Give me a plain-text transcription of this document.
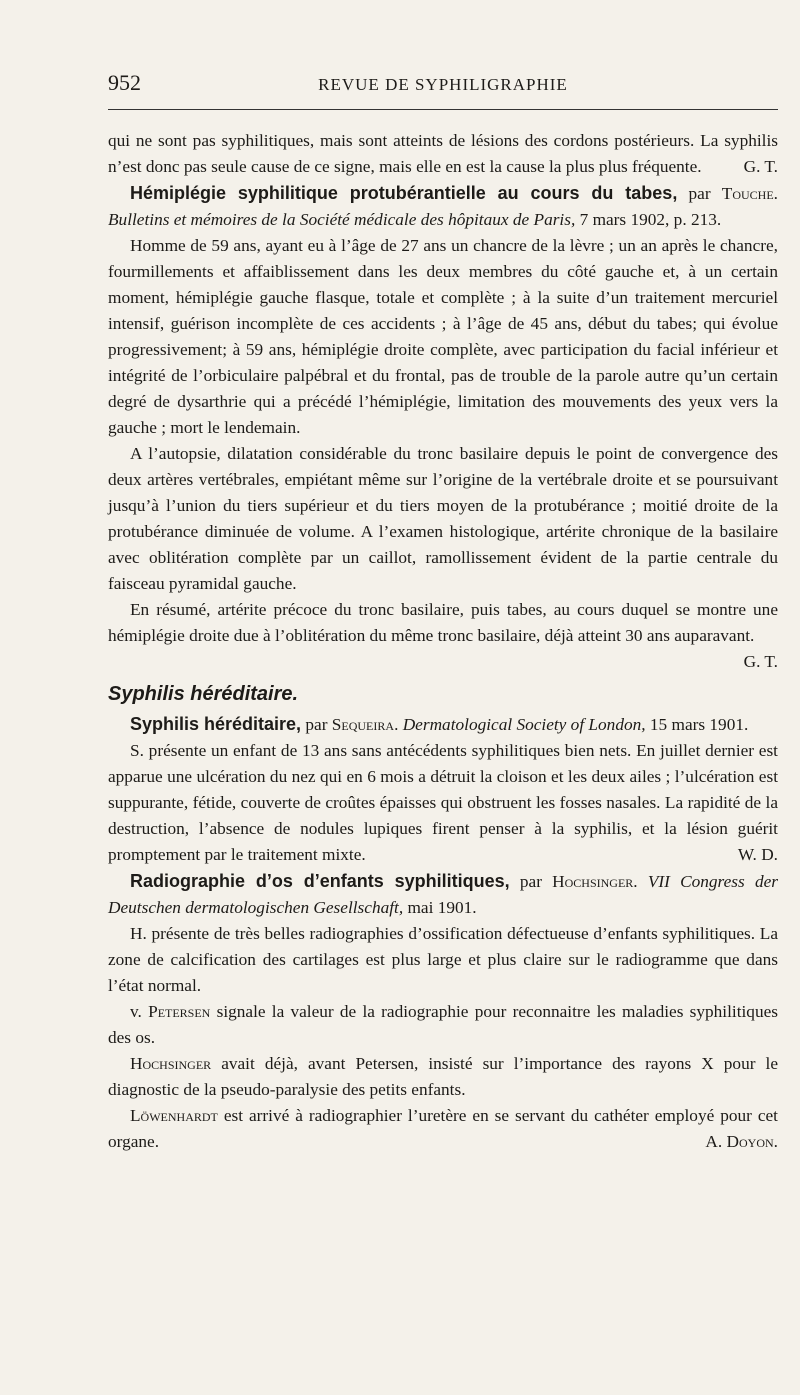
952	REVUE DE SYPHILIGRAPHIE

qui ne sont pas syphilitiques, mais sont atteints de lésions des cordons postérieurs. La syphilis n’est donc pas seule cause de ce signe, mais elle en est la cause la plus plus fréquente. G. T.

Hémiplégie syphilitique protubérantielle au cours du tabes, par Touche. Bulletins et mémoires de la Société médicale des hôpitaux de Paris, 7 mars 1902, p. 213.

Homme de 59 ans, ayant eu à l’âge de 27 ans un chancre de la lèvre ; un an après le chancre, fourmillements et affaiblissement dans les deux membres du côté gauche et, à un certain moment, hémiplégie gauche flasque, totale et complète ; à la suite d’un traitement mercuriel intensif, guérison incomplète de ces accidents ; à l’âge de 45 ans, début du tabes; qui évolue progressivement; à 59 ans, hémiplégie droite complète, avec participation du facial inférieur et intégrité de l’orbiculaire palpébral et du frontal, pas de trouble de la parole autre qu’un certain degré de dysarthrie qui a précédé l’hémiplégie, limitation des mouvements des yeux vers la gauche ; mort le lendemain.

A l’autopsie, dilatation considérable du tronc basilaire depuis le point de convergence des deux artères vertébrales, empiétant même sur l’origine de la vertébrale droite et se poursuivant jusqu’à l’union du tiers supérieur et du tiers moyen de la protubérance ; moitié droite de la protubérance diminuée de volume. A l’examen histologique, artérite chronique de la basilaire avec oblitération complète par un caillot, ramollissement évident de la partie centrale du faisceau pyramidal gauche.

En résumé, artérite précoce du tronc basilaire, puis tabes, au cours duquel se montre une hémiplégie droite due à l’oblitération du même tronc basilaire, déjà atteint 30 ans auparavant.
G. T.

Syphilis héréditaire.

Syphilis héréditaire, par Sequeira. Dermatological Society of London, 15 mars 1901.

S. présente un enfant de 13 ans sans antécédents syphilitiques bien nets. En juillet dernier est apparue une ulcération du nez qui en 6 mois a détruit la cloison et les deux ailes ; l’ulcération est suppurante, fétide, couverte de croûtes épaisses qui obstruent les fosses nasales. La rapidité de la destruction, l’absence de nodules lupiques firent penser à la syphilis, et la lésion guérit promptement par le traitement mixte.	W. D.

Radiographie d’os d’enfants syphilitiques, par Hochsinger. VII Congress der Deutschen dermatologischen Gesellschaft, mai 1901.

H. présente de très belles radiographies d’ossification défectueuse d’enfants syphilitiques. La zone de calcification des cartilages est plus large et plus claire sur le radiogramme que dans l’état normal.

v. Petersen signale la valeur de la radiographie pour reconnaitre les maladies syphilitiques des os.

Hochsinger avait déjà, avant Petersen, insisté sur l’importance des rayons X pour le diagnostic de la pseudo-paralysie des petits enfants.

Löwenhardt est arrivé à radiographier l’uretère en se servant du cathéter employé pour cet organe.	A. Doyon.
